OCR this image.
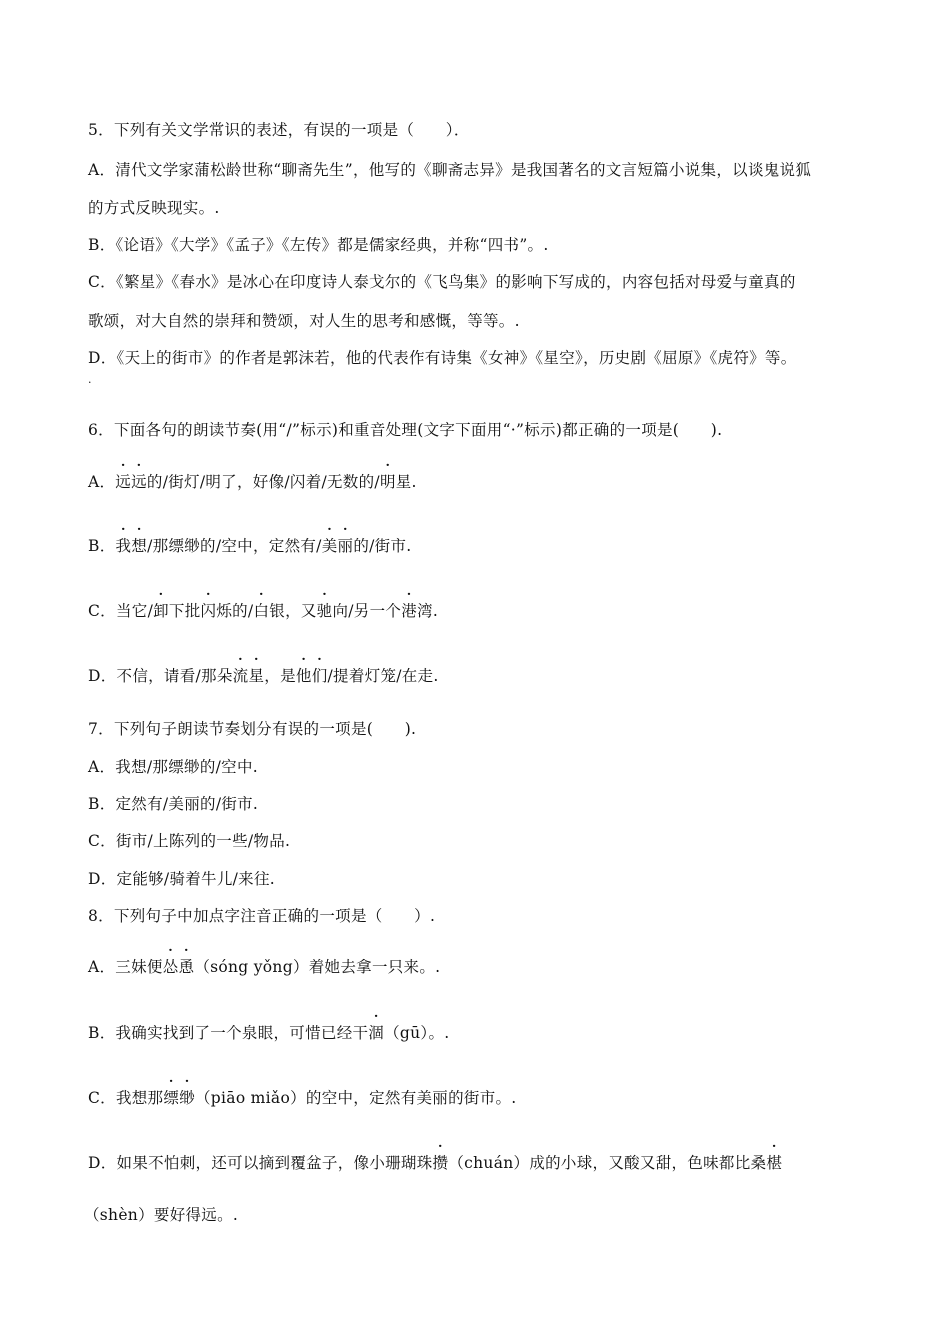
5．下列有关文学常识的表述，有误的一项是（　　）．
A．清代文学家蒲松龄世称“聊斋先生”，他写的《聊斋志异》是我国著名的文言短篇小说集，以谈鬼说狐
的方式反映现实。.
B．《论语》《大学》《孟子》《左传》都是儒家经典，并称“四书”。.
C．《繁星》《春水》是冰心在印度诗人泰戈尔的《飞鸟集》的影响下写成的，内容包括对母爱与童真的
歌颂，对大自然的崇拜和赞颂，对人生的思考和感慨，等等。.
D．《天上的街市》的作者是郭沫若，他的代表作有诗集《女神》《星空》，历史剧《屈原》《虎符》等。
.
6．下面各句的朗读节奏(用“/”标示)和重音处理(文字下面用“·”标示)都正确的一项是(　　).
A．远远的/街灯/明了，好像/闪着/无数的/明星.
B．我想/那缥缈的/空中，定然有/美丽的/街市.
C．当它/卸下批闪烁的/白银，又驰向/另一个港湾.
D．不信，请看/那朵流星，是他们/提着灯笼/在走.
7．下列句子朗读节奏划分有误的一项是(　　).
A．我想/那缥缈的/空中.
B．定然有/美丽的/街市.
C．街市/上陈列的一些/物品.
D．定能够/骑着牛儿/来往.
8．下列句子中加点字注音正确的一项是（　　）.
A．三妹便怂恿（sóng yǒng）着她去拿一只来。.
B．我确实找到了一个泉眼，可惜已经干涸（gū）。.
C．我想那缥缈（piāo miǎo）的空中，定然有美丽的街市。.
D．如果不怕刺，还可以摘到覆盆子，像小珊瑚珠攒（chuán）成的小球，又酸又甜，色味都比桑椹
（shèn）要好得远。.
